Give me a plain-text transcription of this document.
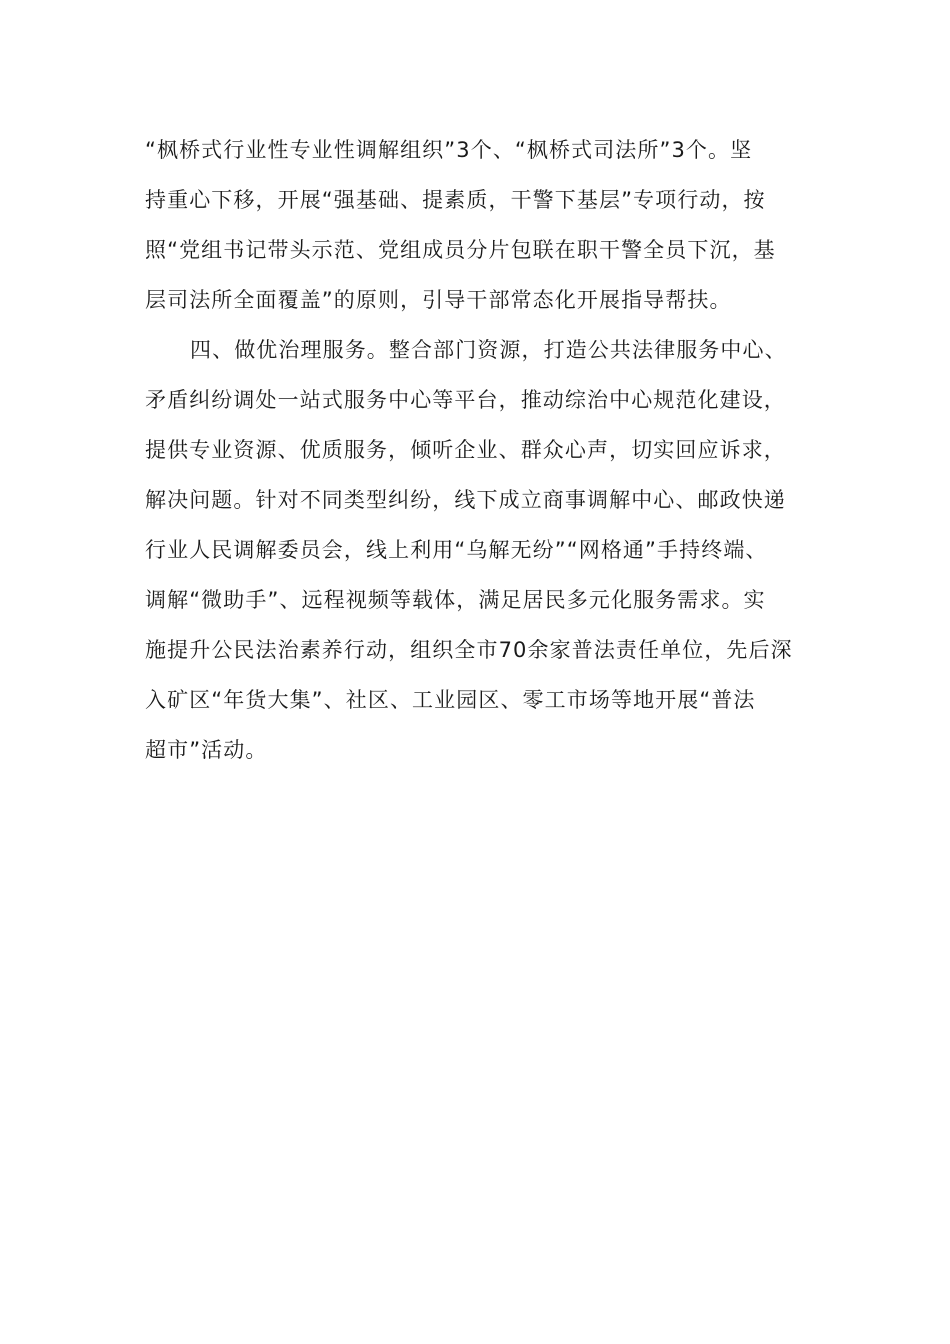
“枫桥式行业性专业性调解组织”3个、“枫桥式司法所”3个。坚
持重心下移，开展“强基础、提素质，干警下基层”专项行动，按
照“党组书记带头示范、党组成员分片包联在职干警全员下沉，基
层司法所全面覆盖”的原则，引导干部常态化开展指导帮扶。
四、做优治理服务。整合部门资源，打造公共法律服务中心、
矛盾纠纷调处一站式服务中心等平台，推动综治中心规范化建设，
提供专业资源、优质服务，倾听企业、群众心声，切实回应诉求，
解决问题。针对不同类型纠纷，线下成立商事调解中心、邮政快递
行业人民调解委员会，线上利用“乌解无纷”“网格通”手持终端、
调解“微助手”、远程视频等载体，满足居民多元化服务需求。实
施提升公民法治素养行动，组织全市70余家普法责任单位，先后深
入矿区“年货大集”、社区、工业园区、零工市场等地开展“普法
超市”活动。
